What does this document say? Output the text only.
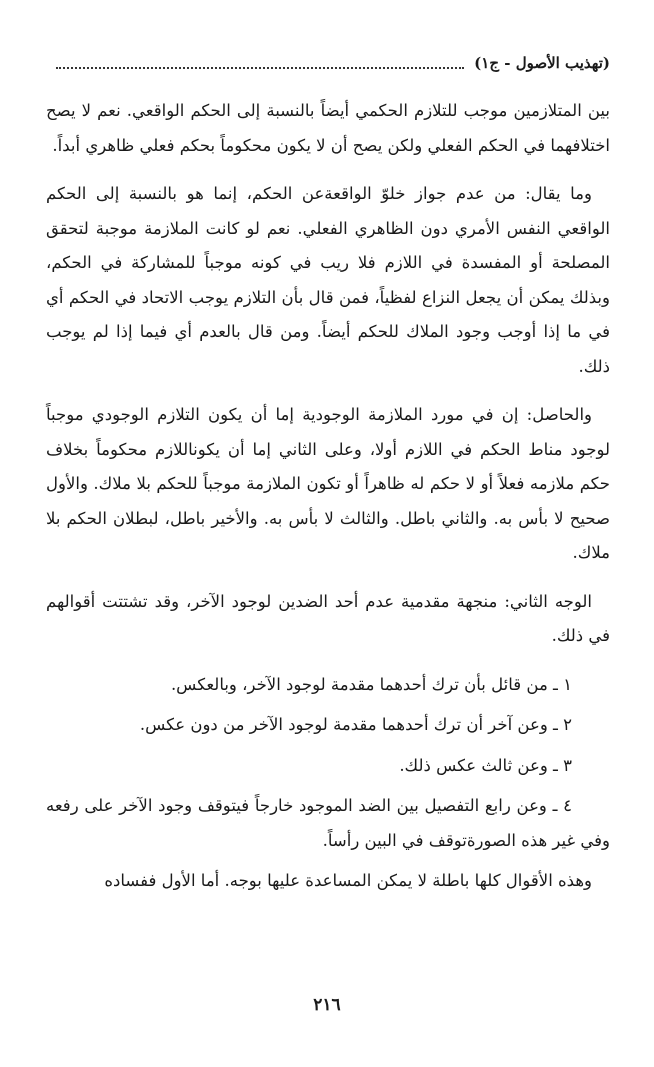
(تهذيب الأصول - ج١)

بين المتلازمين موجب للتلازم الحكمي أيضاً بالنسبة إلى الحكم الواقعي. نعم لا يصح اختلافهما في الحكم الفعلي ولكن يصح أن لا يكون محكوماً بحكم فعلي ظاهري أبداً.

وما يقال: من عدم جواز خلوّ الواقعةعن الحكم، إنما هو بالنسبة إلى الحكم الواقعي النفس الأمري دون الظاهري الفعلي. نعم لو كانت الملازمة موجبة لتحقق المصلحة أو المفسدة في اللازم فلا ريب في كونه موجباً للمشاركة في الحكم، وبذلك يمكن أن يجعل النزاع لفظياً، فمن قال بأن التلازم يوجب الاتحاد في الحكم أي في ما إذا أوجب وجود الملاك للحكم أيضاً. ومن قال بالعدم أي فيما إذا لم يوجب ذلك.

والحاصل: إن في مورد الملازمة الوجودية إما أن يكون التلازم الوجودي موجباً لوجود مناط الحكم في اللازم أولا، وعلى الثاني إما أن يكوناللازم محكوماً بخلاف حكم ملازمه فعلاً أو لا حكم له ظاهراً أو تكون الملازمة موجباً للحكم بلا ملاك. والأول صحيح لا بأس به. والثاني باطل. والثالث لا بأس به. والأخير باطل، لبطلان الحكم بلا ملاك.

الوجه الثاني: منجهة مقدمية عدم أحد الضدين لوجود الآخر، وقد تشتتت أقوالهم في ذلك.

١ ـ من قائل بأن ترك أحدهما مقدمة لوجود الآخر، وبالعكس.

٢ ـ وعن آخر أن ترك أحدهما مقدمة لوجود الآخر من دون عكس.

٣ ـ وعن ثالث عكس ذلك.

٤ ـ وعن رابع التفصيل بين الضد الموجود خارجاً فيتوقف وجود الآخر على رفعه وفي غير هذه الصورةتوقف في البين رأساً.

وهذه الأقوال كلها باطلة لا يمكن المساعدة عليها بوجه. أما الأول ففساده

٢١٦
